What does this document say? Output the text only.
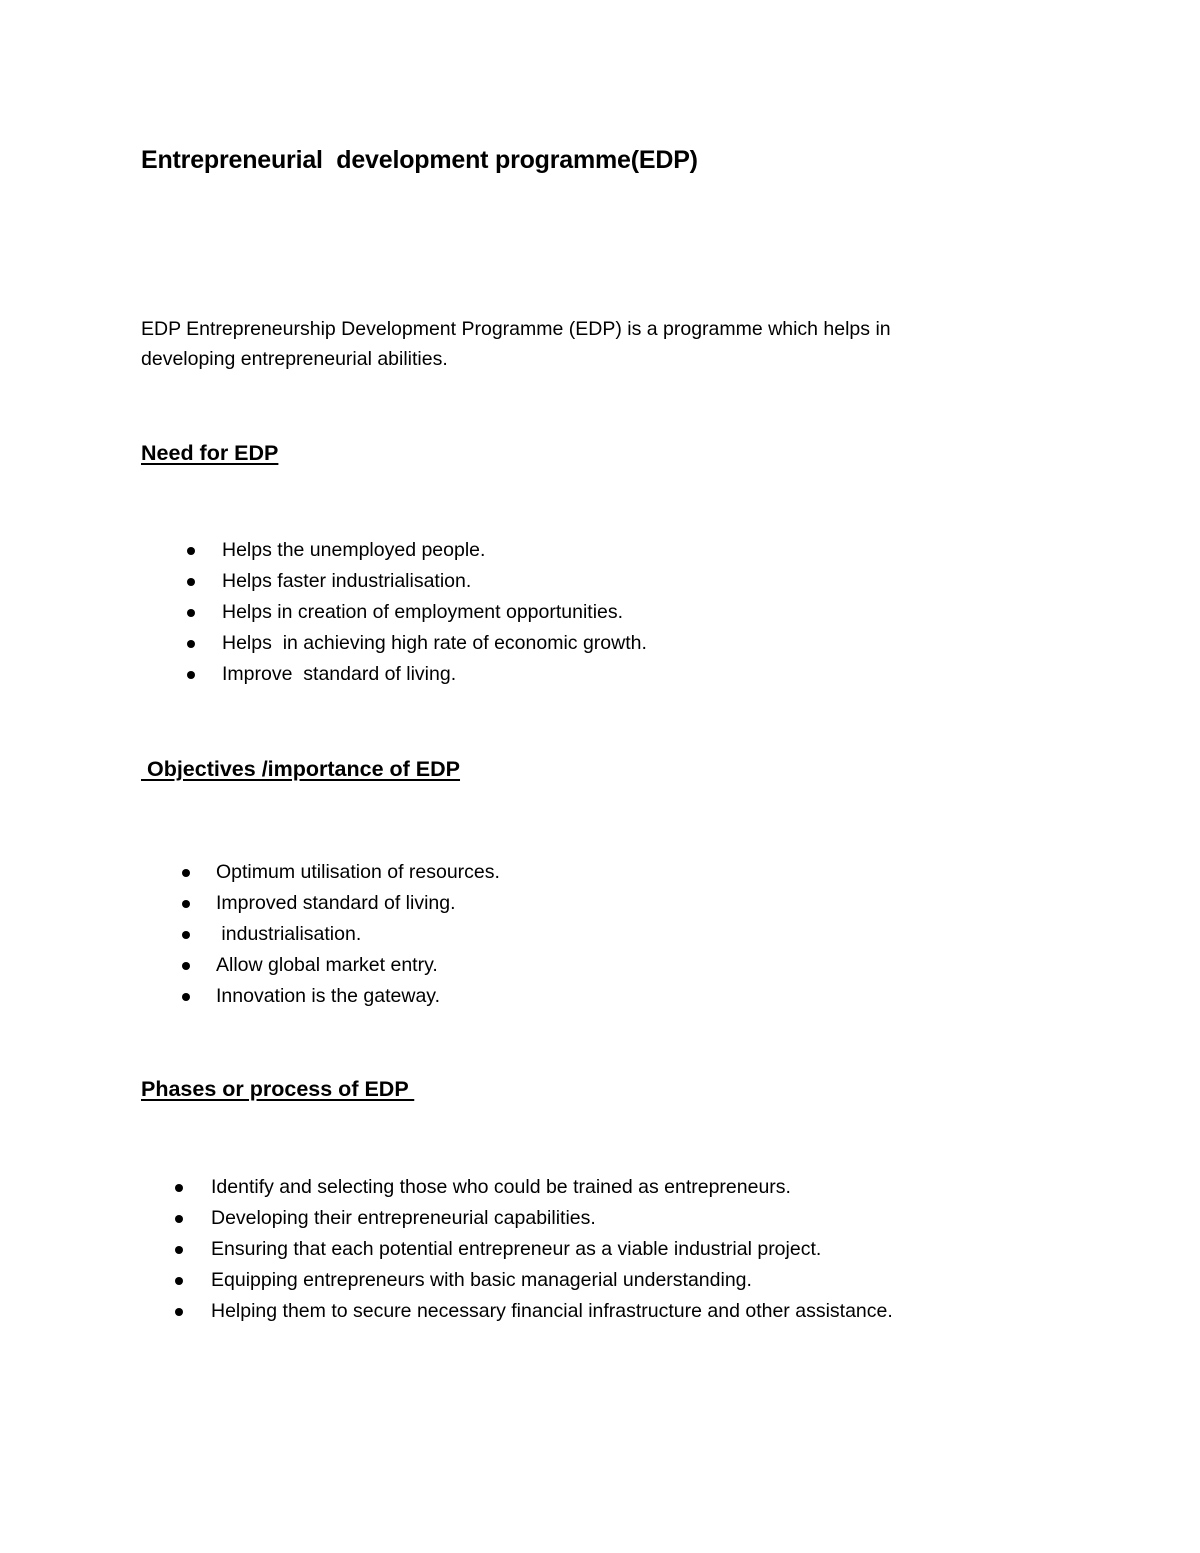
Entrepreneurial  development programme(EDP)
EDP Entrepreneurship Development Programme (EDP) is a programme which helps in
developing entrepreneurial abilities.
Need for EDP
Helps the unemployed people.
Helps faster industrialisation.
Helps in creation of employment opportunities.
Helps  in achieving high rate of economic growth.
Improve  standard of living.
Objectives /importance of EDP
Optimum utilisation of resources.
Improved standard of living.
industrialisation.
Allow global market entry.
Innovation is the gateway.
Phases or process of EDP
Identify and selecting those who could be trained as entrepreneurs.
Developing their entrepreneurial capabilities.
Ensuring that each potential entrepreneur as a viable industrial project.
Equipping entrepreneurs with basic managerial understanding.
Helping them to secure necessary financial infrastructure and other assistance.
